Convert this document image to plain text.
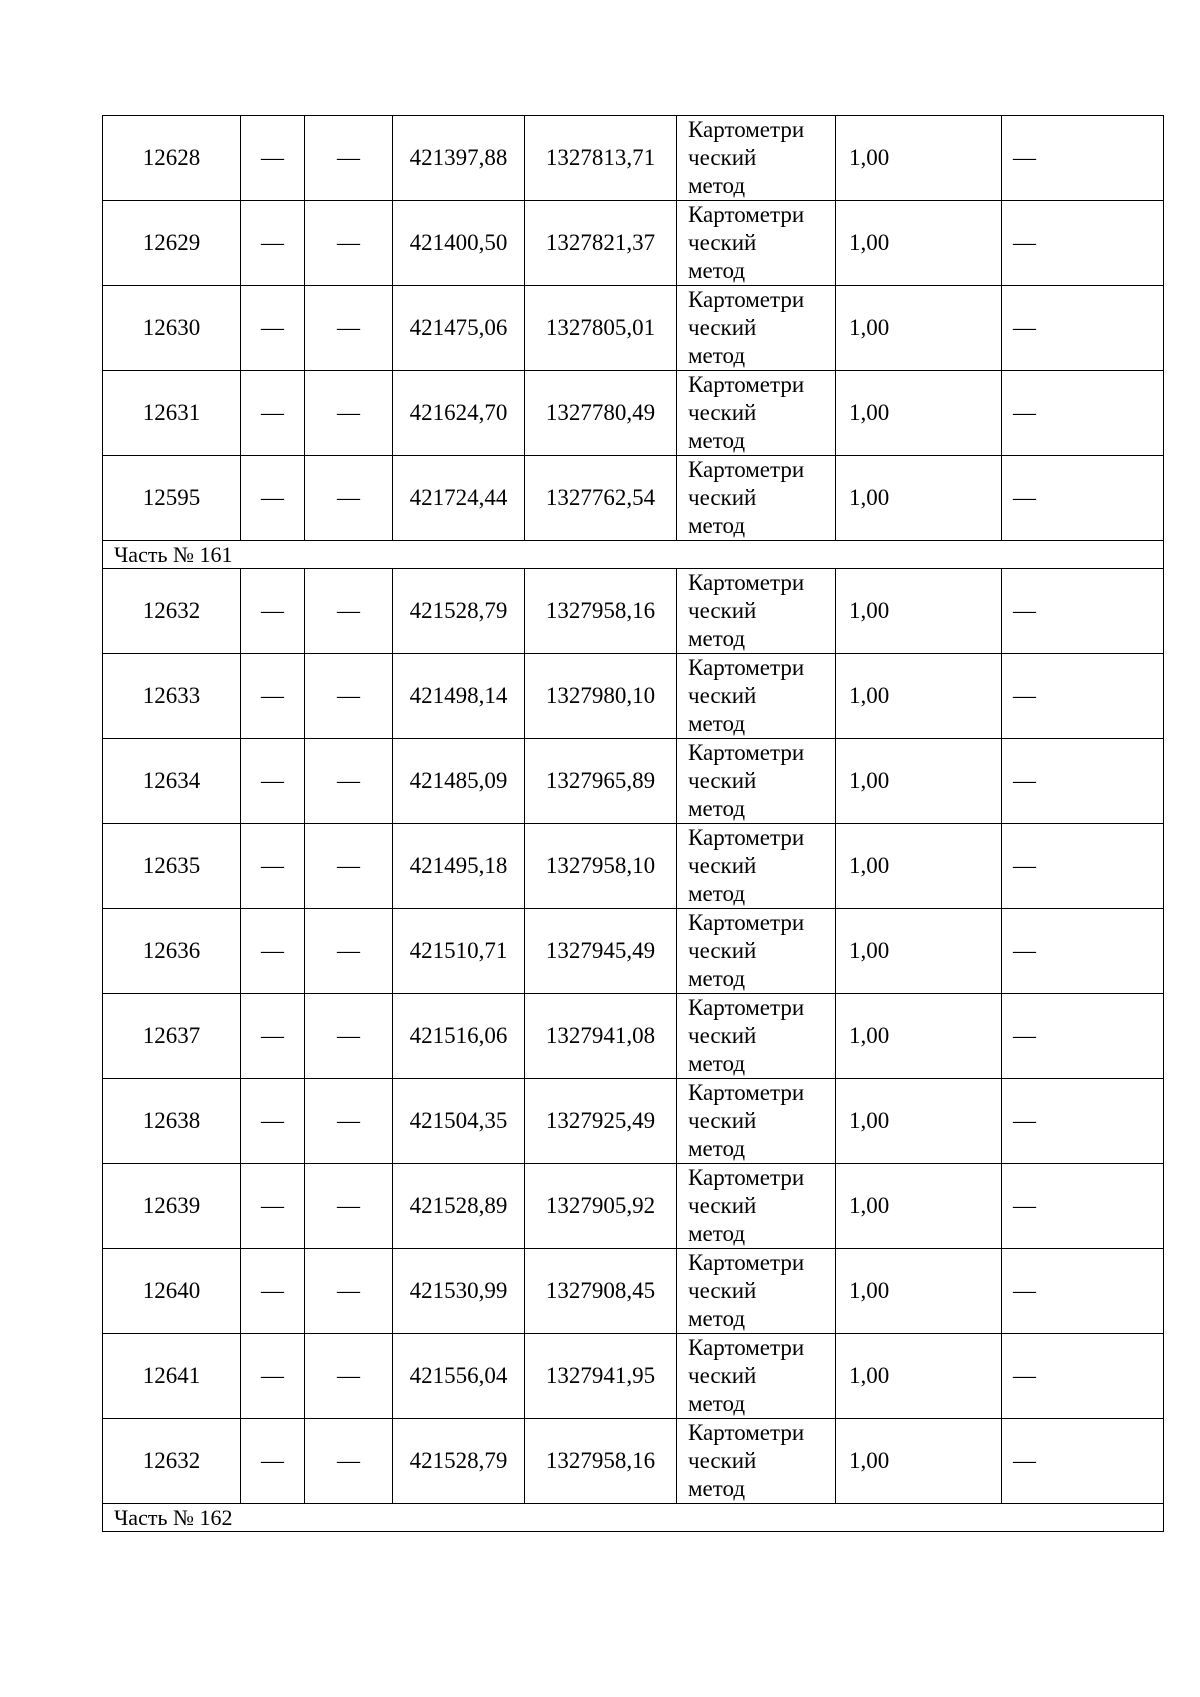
12628	—	—	421397,88	1327813,71	Картометри
ческий
метод	1,00	—
12629	—	—	421400,50	1327821,37	Картометри
ческий
метод	1,00	—
12630	—	—	421475,06	1327805,01	Картометри
ческий
метод	1,00	—
12631	—	—	421624,70	1327780,49	Картометри
ческий
метод	1,00	—
12595	—	—	421724,44	1327762,54	Картометри
ческий
метод	1,00	—
Часть № 161							
12632	—	—	421528,79	1327958,16	Картометри
ческий
метод	1,00	—
12633	—	—	421498,14	1327980,10	Картометри
ческий
метод	1,00	—
12634	—	—	421485,09	1327965,89	Картометри
ческий
метод	1,00	—
12635	—	—	421495,18	1327958,10	Картометри
ческий
метод	1,00	—
12636	—	—	421510,71	1327945,49	Картометри
ческий
метод	1,00	—
12637	—	—	421516,06	1327941,08	Картометри
ческий
метод	1,00	—
12638	—	—	421504,35	1327925,49	Картометри
ческий
метод	1,00	—
12639	—	—	421528,89	1327905,92	Картометри
ческий
метод	1,00	—
12640	—	—	421530,99	1327908,45	Картометри
ческий
метод	1,00	—
12641	—	—	421556,04	1327941,95	Картометри
ческий
метод	1,00	—
12632	—	—	421528,79	1327958,16	Картометри
ческий
метод	1,00	—
Часть № 162							
